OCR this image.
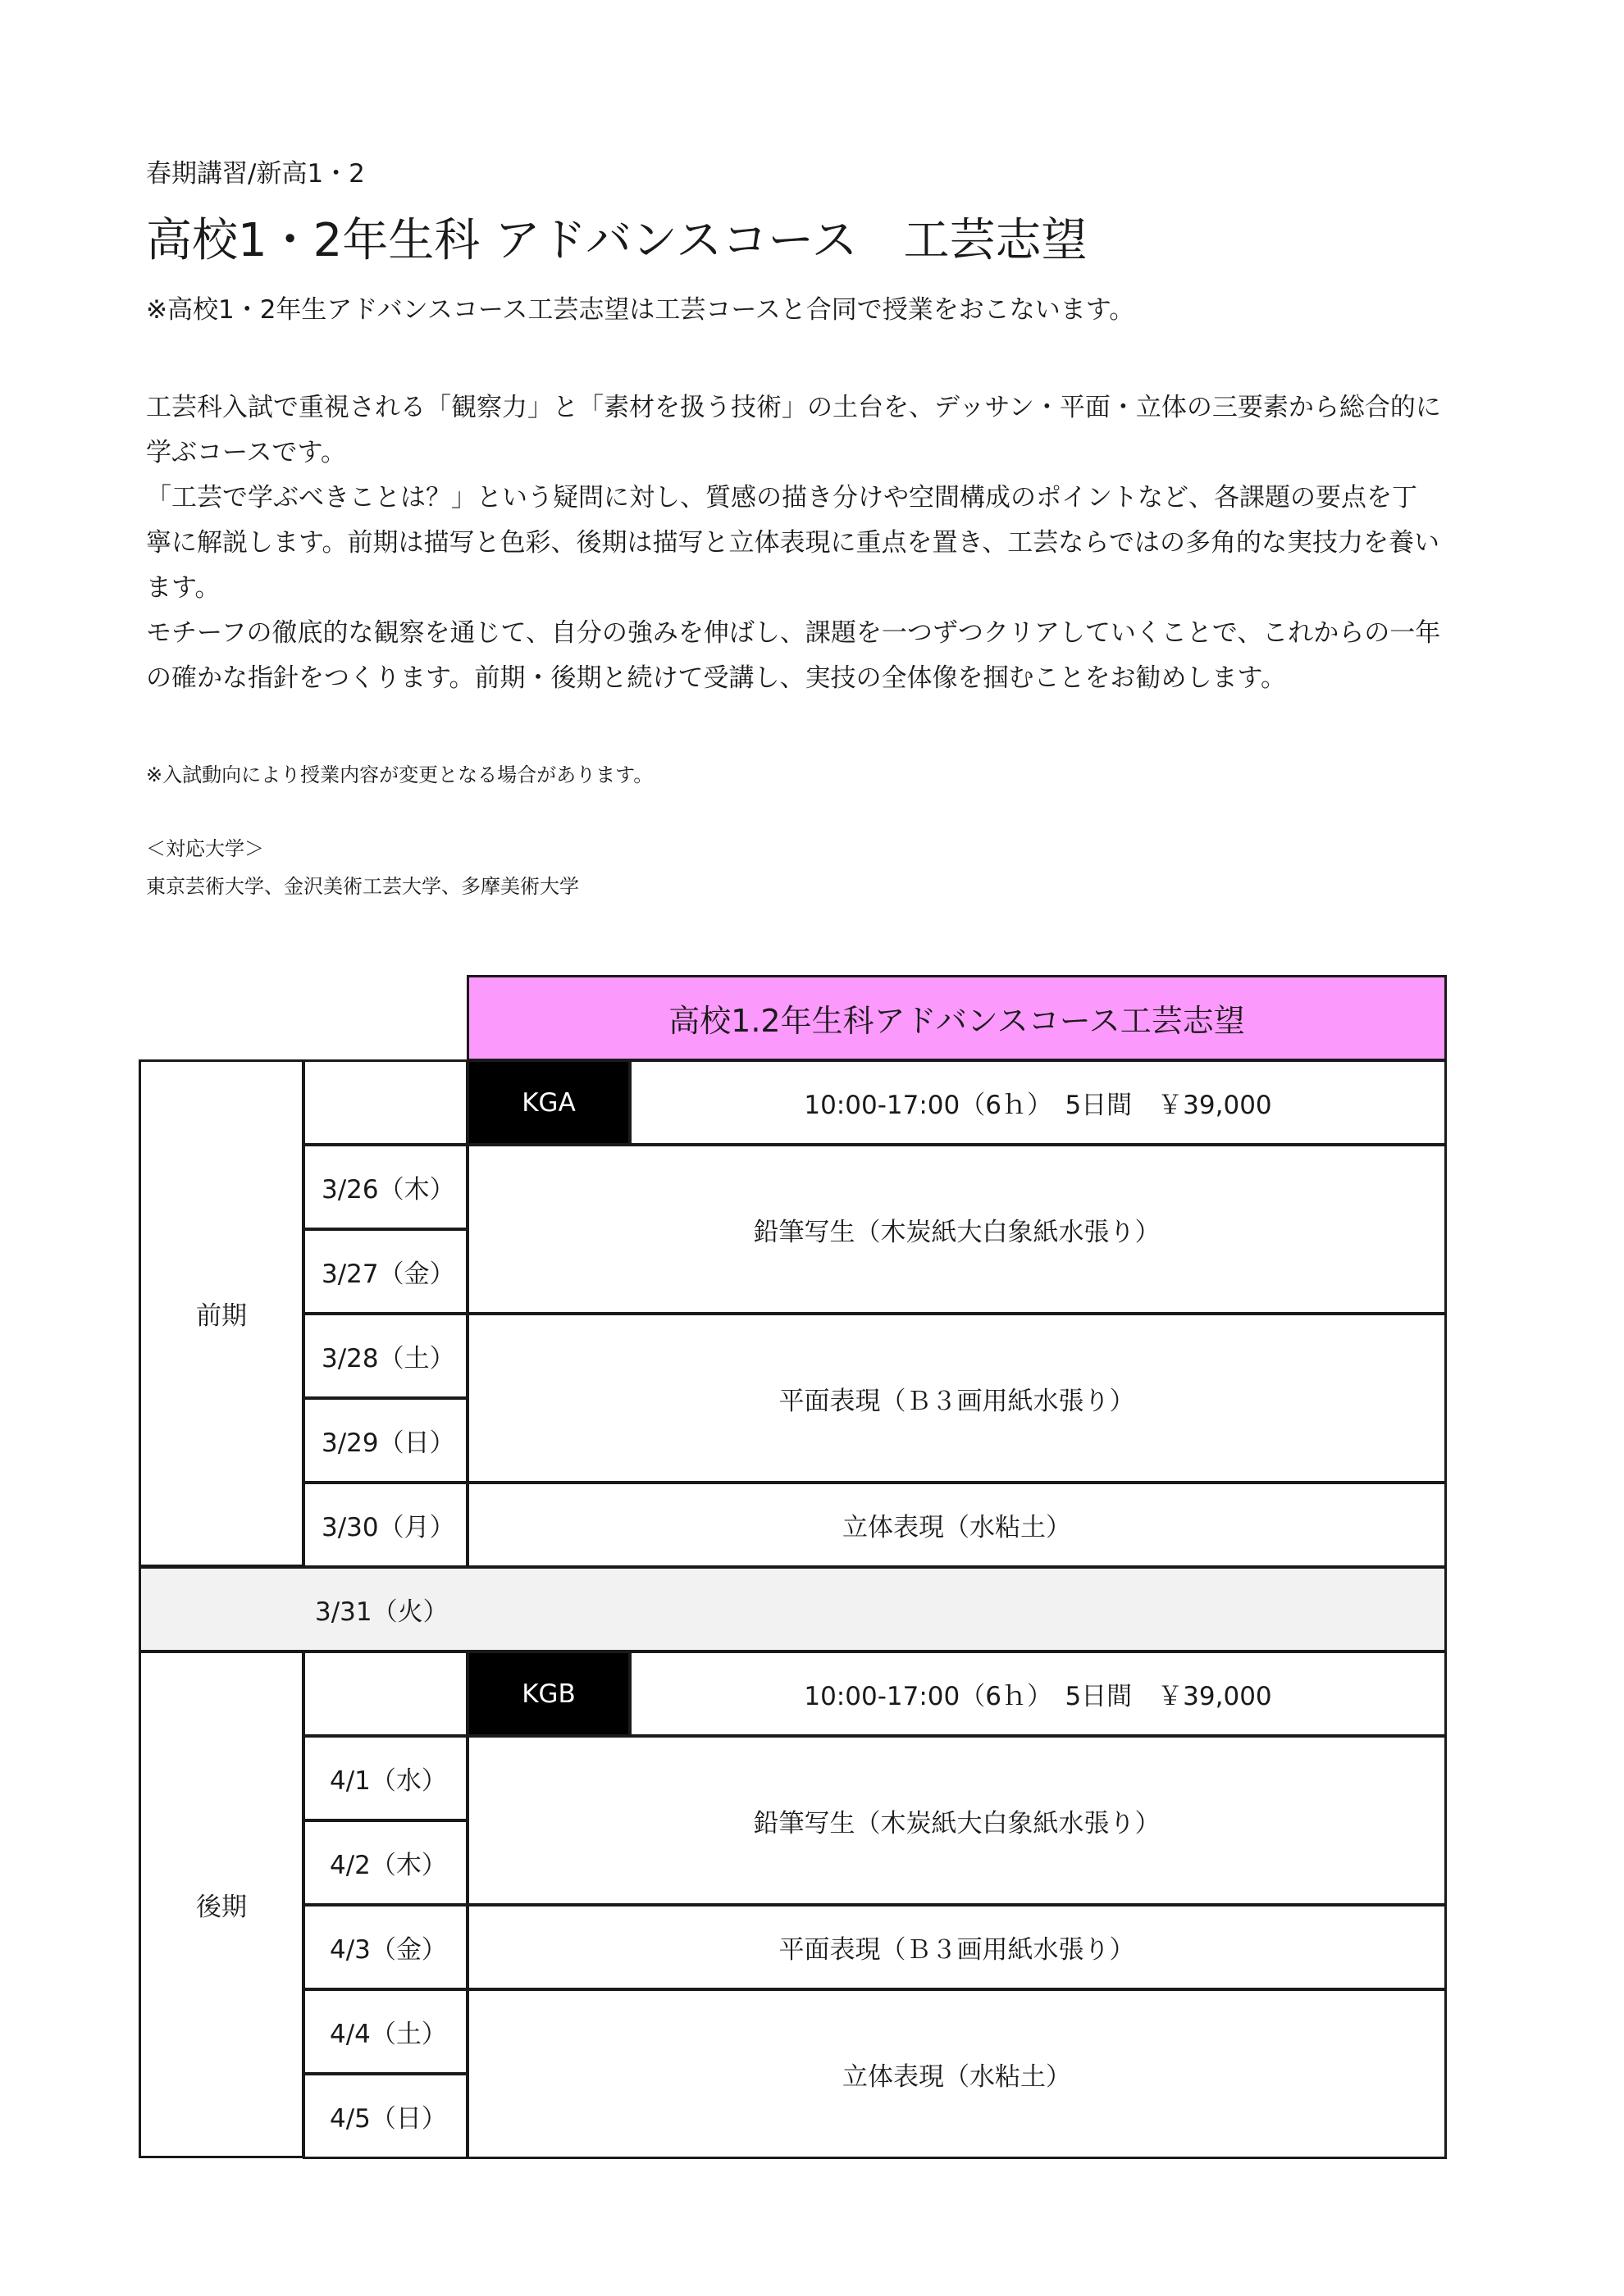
春期講習/新高1・2
高校1・2年生科 アドバンスコース　工芸志望
※高校1・2年生アドバンスコース工芸志望は工芸コースと合同で授業をおこないます。

工芸科入試で重視される「観察力」と「素材を扱う技術」の土台を、デッサン・平面・立体の三要素から総合的に学ぶコースです。

「工芸で学ぶべきことは？」という疑問に対し、質感の描き分けや空間構成のポイントなど、各課題の要点を丁寧に解説します。前期は描写と色彩、後期は描写と立体表現に重点を置き、工芸ならではの多角的な実技力を養います。

モチーフの徹底的な観察を通じて、自分の強みを伸ばし、課題を一つずつクリアしていくことで、これからの一年の確かな指針をつくります。前期・後期と続けて受講し、実技の全体像を掴むことをお勧めします。

※入試動向により授業内容が変更となる場合があります。
＜対応大学＞
東京芸術大学、金沢美術工芸大学、多摩美術大学
高校1.2年生科アドバンスコース工芸志望
前期
KGA	10:00-17:00（6ｈ）　5日間　￥39,000
3/26（木）
3/27（金）
3/28（土）
3/29（日）
3/30（月）
鉛筆写生（木炭紙大白象紙水張り）
平面表現（Ｂ３画用紙水張り）
立体表現（水粘土）
3/31（火）
後期
KGB	10:00-17:00（6ｈ）　5日間　￥39,000
4/1（水）
4/2（木）
4/3（金）
4/4（土）
4/5（日）
鉛筆写生（木炭紙大白象紙水張り）
平面表現（Ｂ３画用紙水張り）
立体表現（水粘土）
